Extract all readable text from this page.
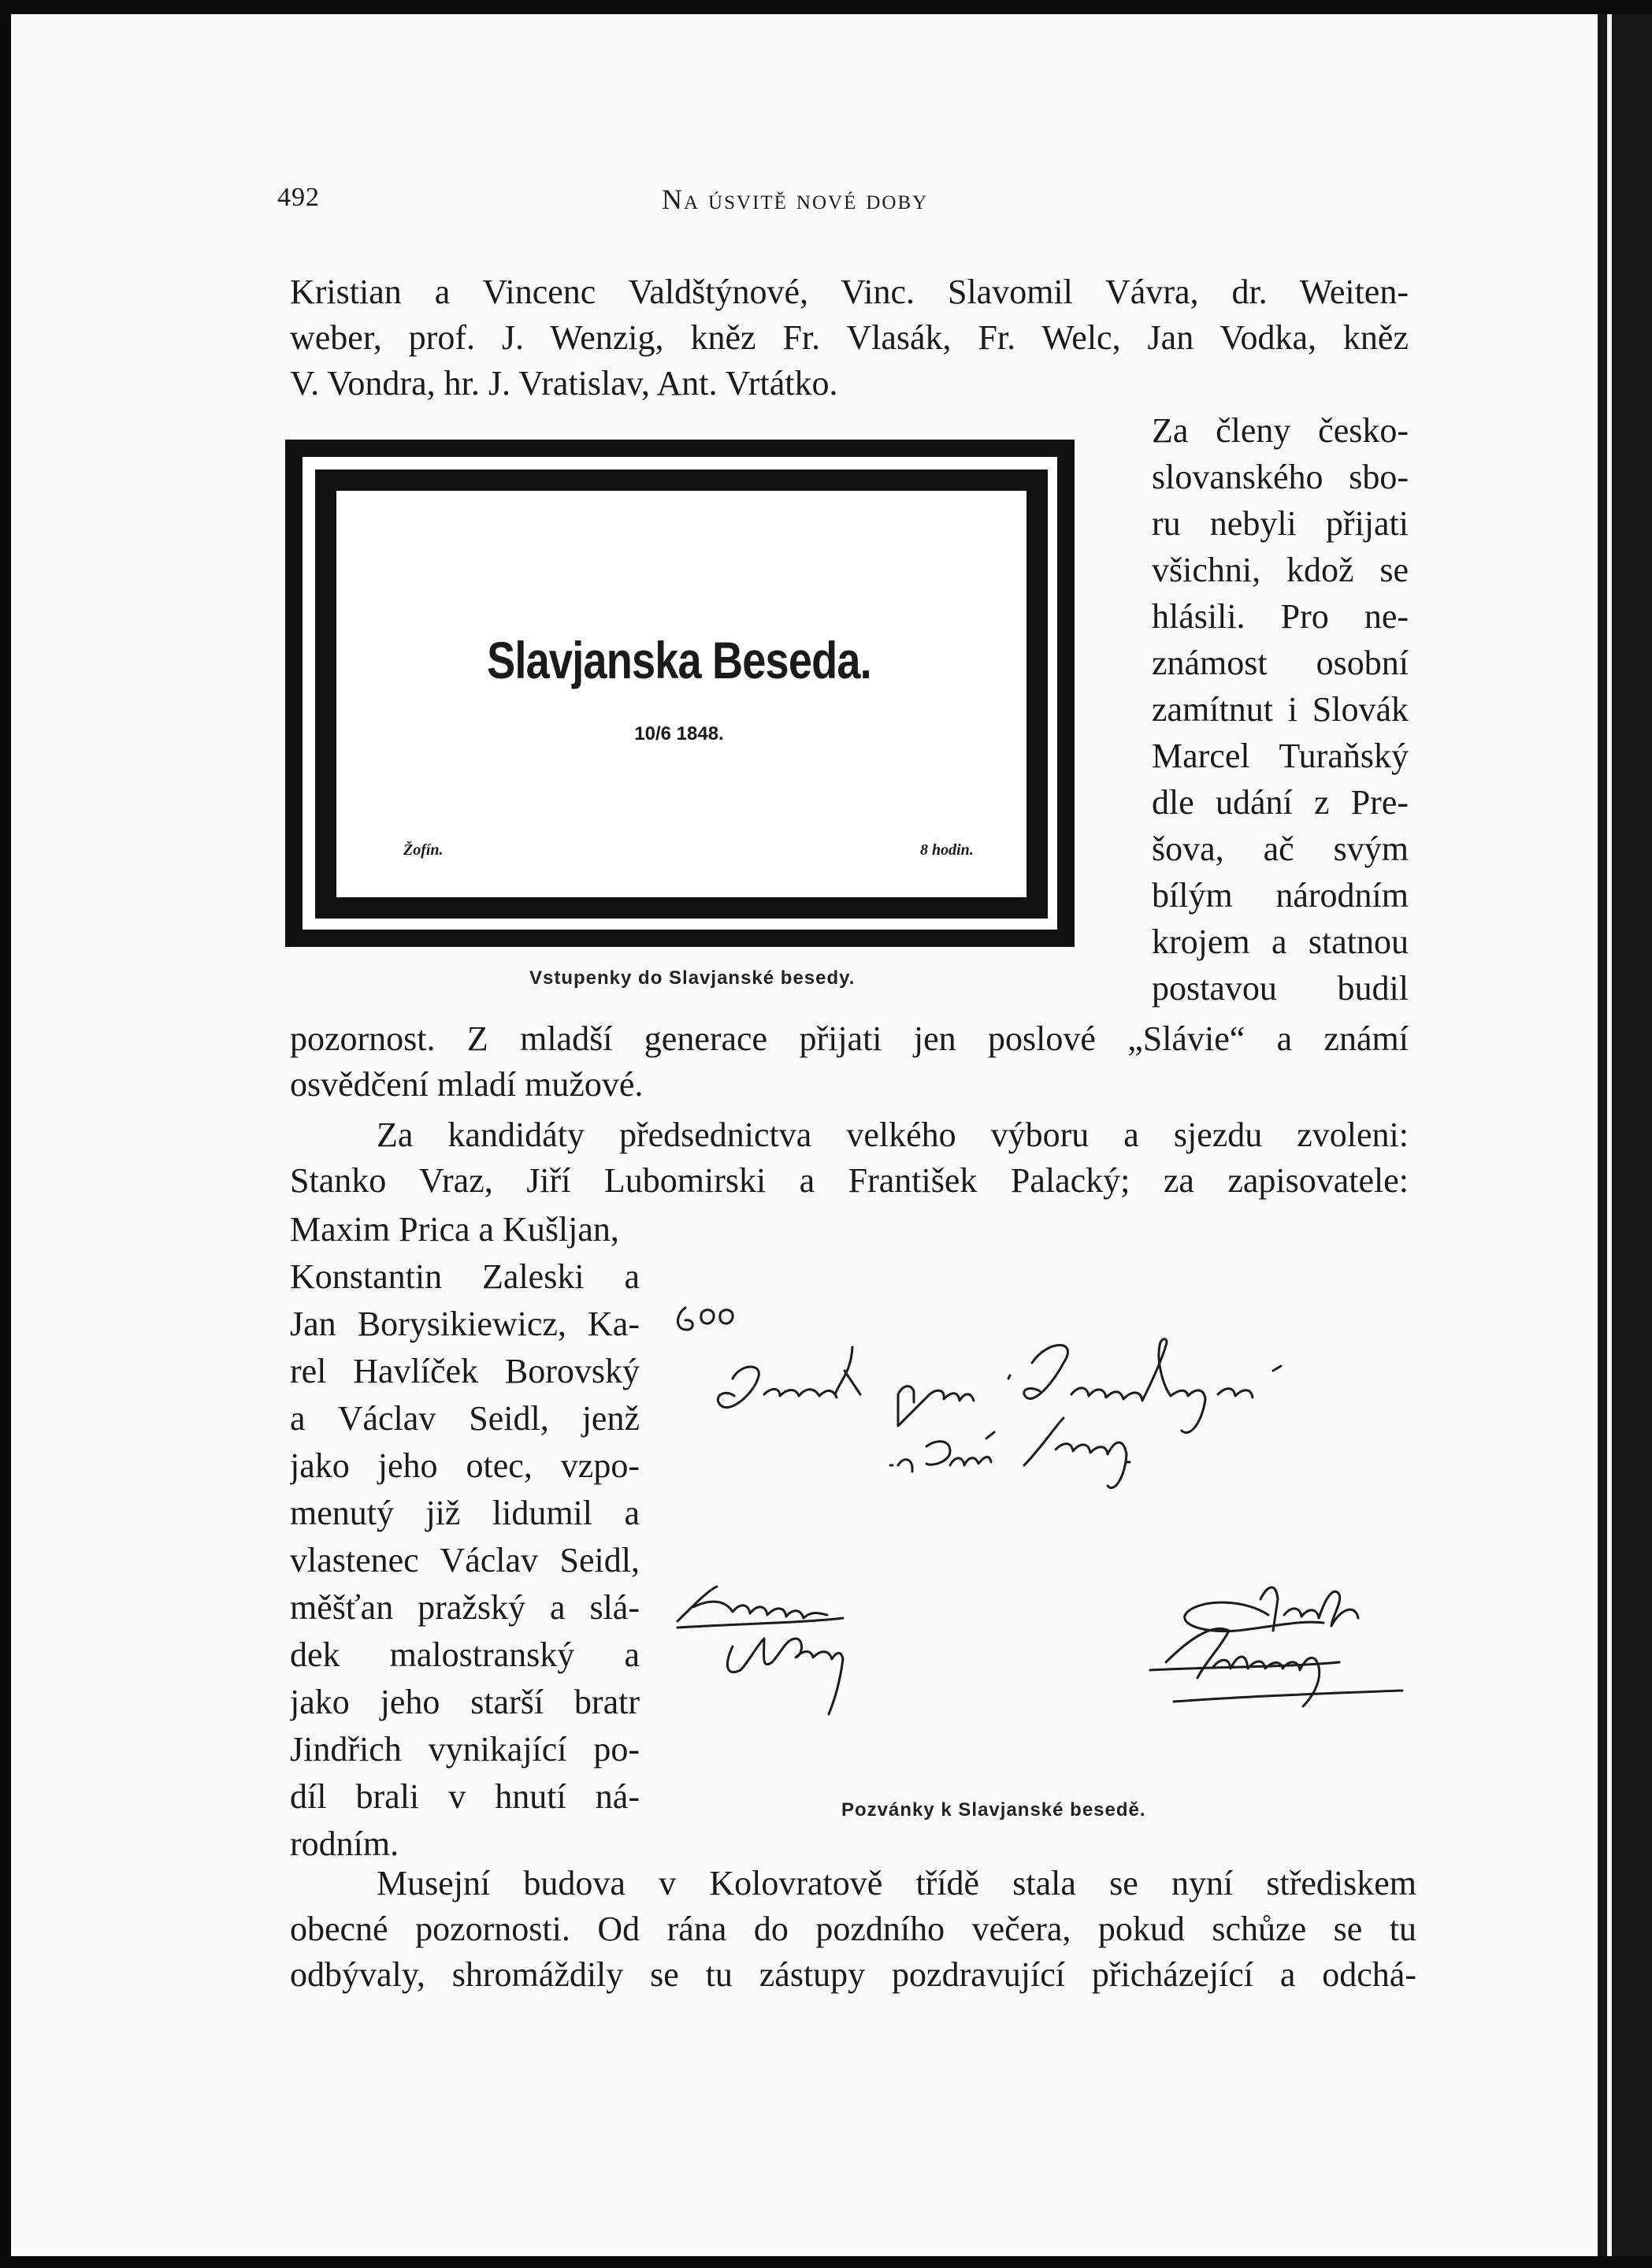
492	Na úsvitě nové doby
Kristian a Vincenc Valdštýnové, Vinc. Slavomil Vávra, dr. Weiten-
weber, prof. J. Wenzig, kněz Fr. Vlasák, Fr. Welc, Jan Vodka, kněz
V. Vondra, hr. J. Vratislav, Ant. Vrtátko.
Za členy česko-
slovanského sbo-
ru nebyli přijati
všichni, kdož se
hlásili. Pro ne-
známost osobní
zamítnut i Slovák
Marcel Turaňský
dle udání z Pre-
šova, ač svým
bílým národním
krojem a statnou
postavou budil
Slavjanska Beseda.
10/6 1848.
Žofín.	8 hodin.
Vstupenky do Slavjanské besedy.
pozornost. Z mladší generace přijati jen poslové „Slávie“ a známí
osvědčení mladí mužové.
Za kandidáty předsednictva velkého výboru a sjezdu zvoleni:
Stanko Vraz, Jiří Lubomirski a František Palacký; za zapisovatele:
Maxim Prica a Kušljan,
Konstantin Zaleski a
Jan Borysikiewicz, Ka-
rel Havlíček Borovský
a Václav Seidl, jenž
jako jeho otec, vzpo-
menutý již lidumil a
vlastenec Václav Seidl,
měšťan pražský a slá-
dek malostranský a
jako jeho starší bratr
Jindřich vynikající po-
díl brali v hnutí ná-
rodním.
Pozvánky k Slavjanské besedě.
Musejní budova v Kolovratově třídě stala se nyní střediskem
obecné pozornosti. Od rána do pozdního večera, pokud schůze se tu
odbývaly, shromáždily se tu zástupy pozdravující přicházející a odchá-
